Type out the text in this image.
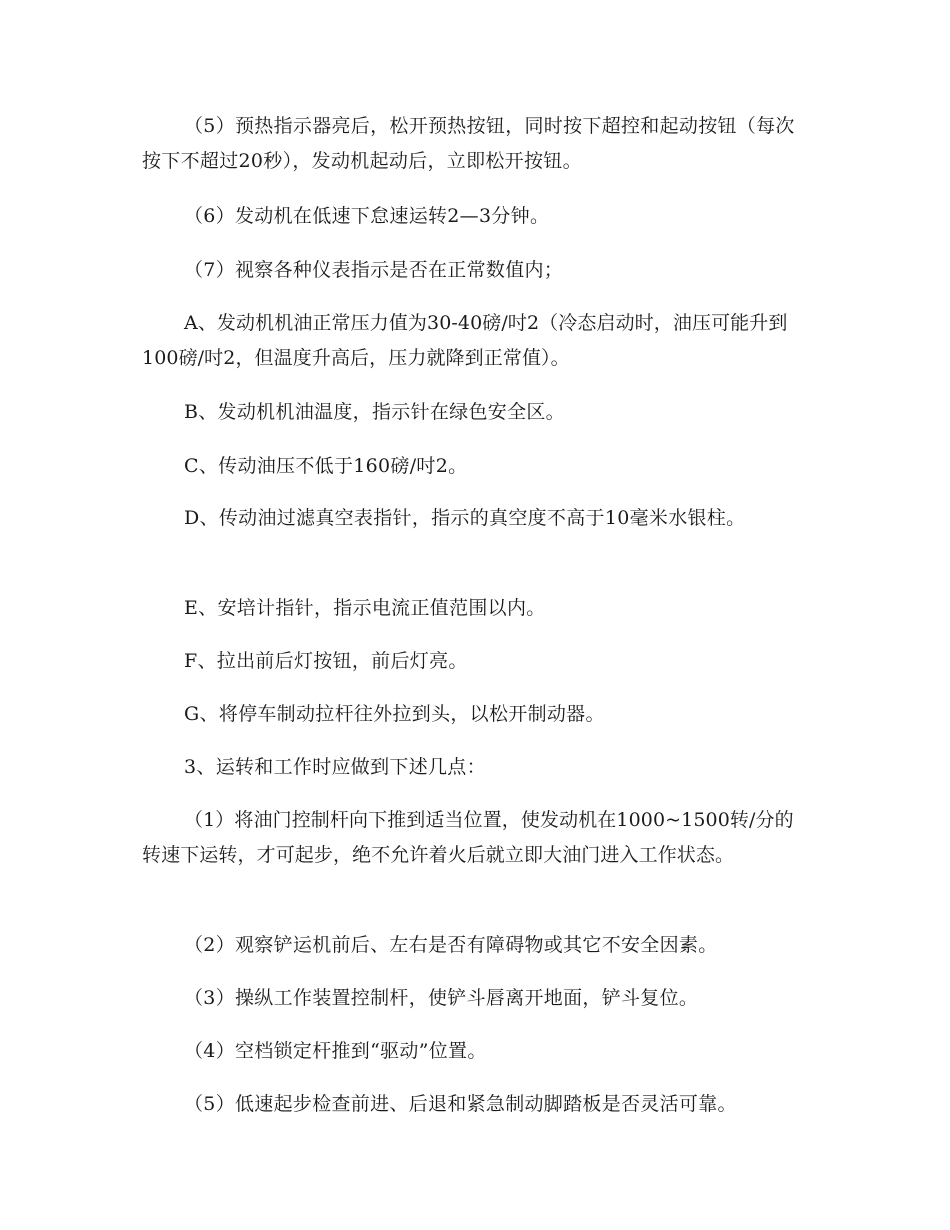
（5）预热指示器亮后，松开预热按钮，同时按下超控和起动按钮（每次按下不超过20秒），发动机起动后，立即松开按钮。

（6）发动机在低速下怠速运转2—3分钟。

（7）视察各种仪表指示是否在正常数值内；

A、发动机机油正常压力值为30-40磅/吋2（冷态启动时，油压可能升到100磅/吋2，但温度升高后，压力就降到正常值）。

B、发动机机油温度，指示针在绿色安全区。

C、传动油压不低于160磅/吋2。

D、传动油过滤真空表指针，指示的真空度不高于10毫米水银柱。

E、安培计指针，指示电流正值范围以内。

F、拉出前后灯按钮，前后灯亮。

G、将停车制动拉杆往外拉到头，以松开制动器。

3、运转和工作时应做到下述几点：

（1）将油门控制杆向下推到适当位置，使发动机在1000~1500转/分的转速下运转，才可起步，绝不允许着火后就立即大油门进入工作状态。

（2）观察铲运机前后、左右是否有障碍物或其它不安全因素。

（3）操纵工作装置控制杆，使铲斗唇离开地面，铲斗复位。

（4）空档锁定杆推到“驱动”位置。

（5）低速起步检查前进、后退和紧急制动脚踏板是否灵活可靠。
